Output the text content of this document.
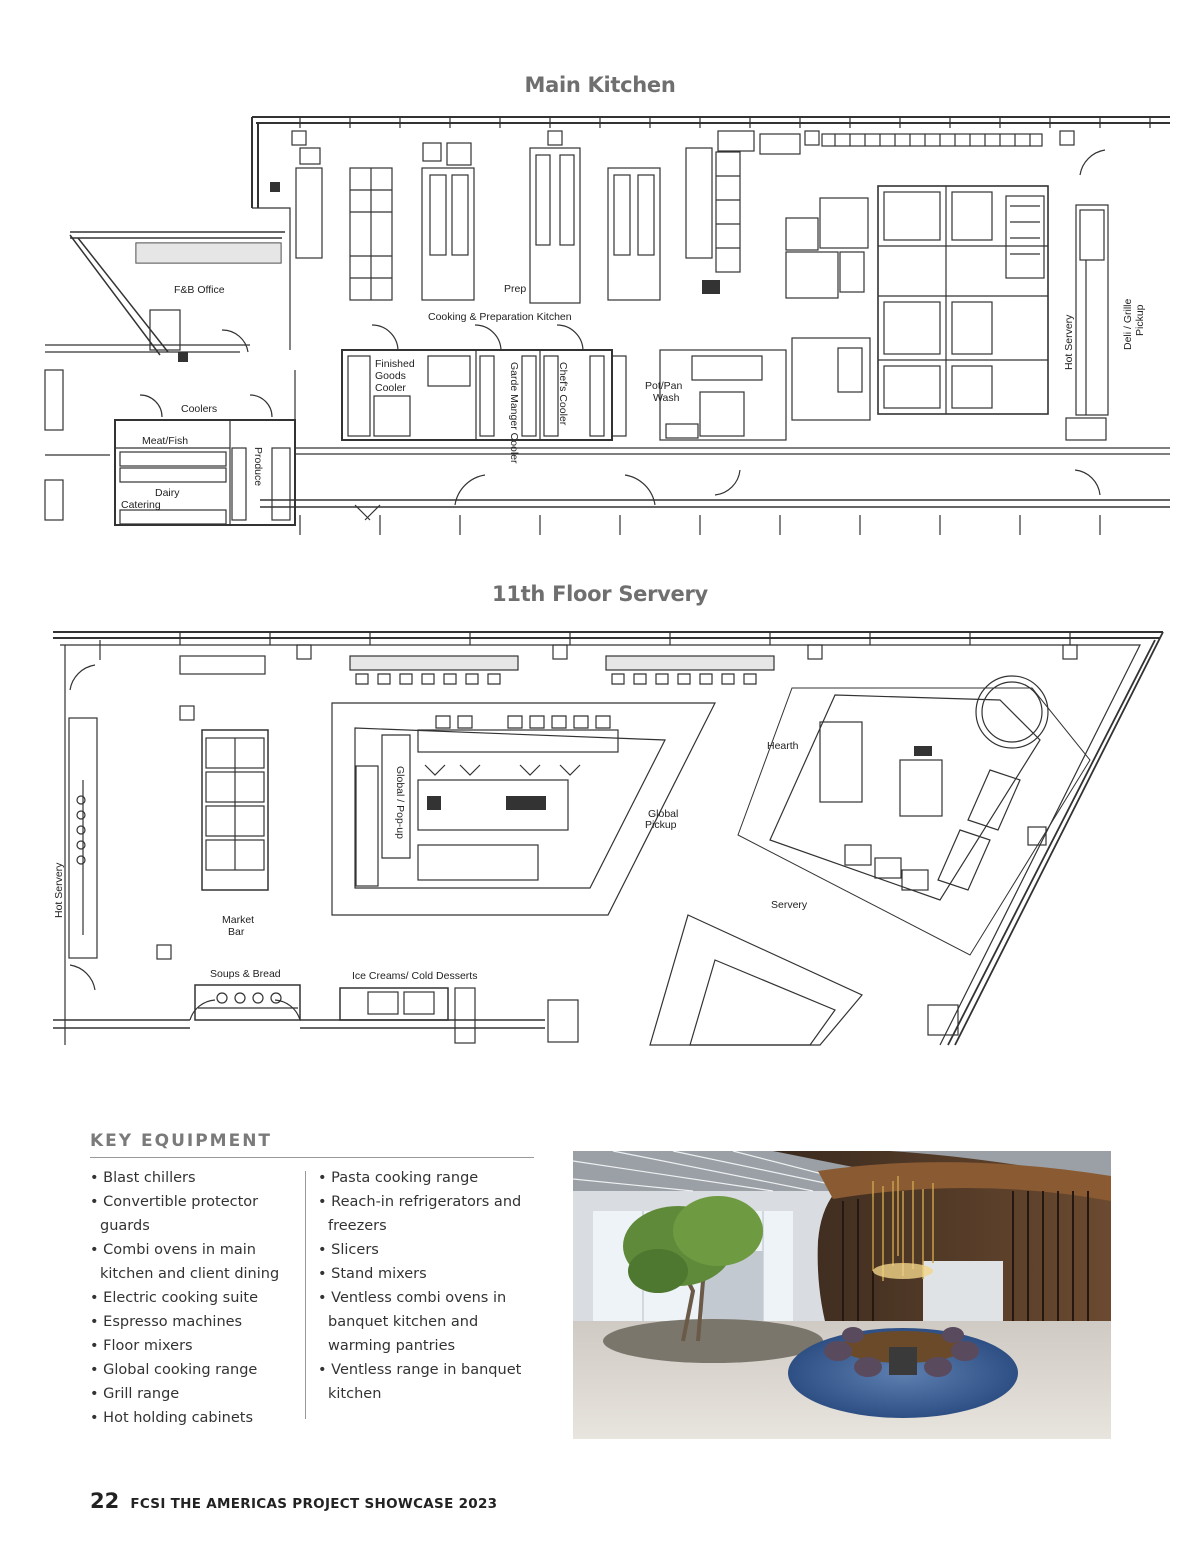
Main Kitchen
F&B Office	Prep
Cooking & Preparation Kitchen
Finished
Goods
Cooler	Pot/Pan
Wash
Coolers
Meat/Fish
Dairy
Catering
Garde Manger Cooler	Chef's Cooler
Produce
Hot Servery	Deli / Grille Pickup
11th Floor Servery
Hot Servery
Market
Bar
Global / Pop-up	Global
Pickup
Hearth
Servery
Soups & Bread	Ice Creams/ Cold Desserts
KEY EQUIPMENT
• Blast chillers
• Convertible protector guards
• Combi ovens in main kitchen and client dining
• Electric cooking suite
• Espresso machines
• Floor mixers
• Global cooking range
• Grill range
• Hot holding cabinets
• Pasta cooking range
• Reach-in refrigerators and freezers
• Slicers
• Stand mixers
• Ventless combi ovens in banquet kitchen and warming pantries
• Ventless range in banquet kitchen
22 FCSI THE AMERICAS PROJECT SHOWCASE 2023
